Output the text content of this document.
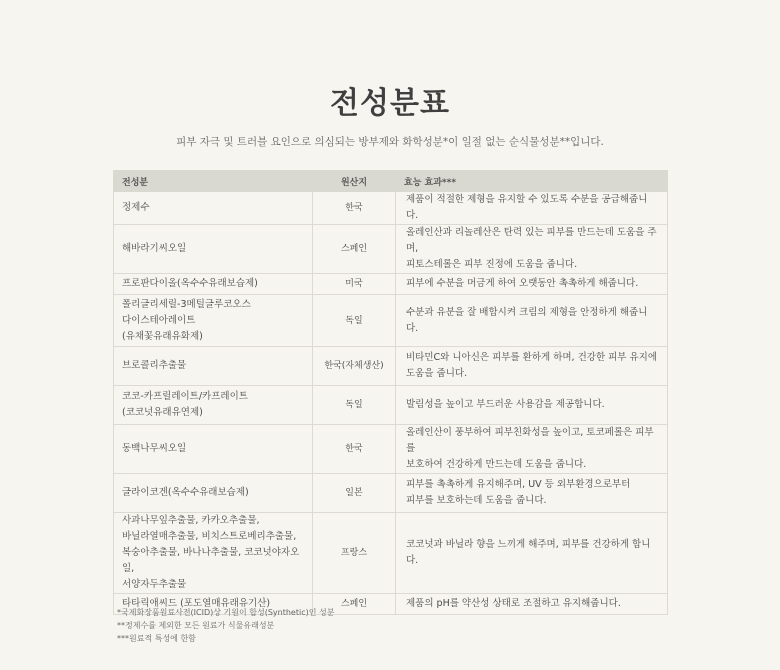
전성분표
피부 자극 및 트러블 요인으로 의심되는 방부제와 화학성분*이 일절 없는 순식물성분**입니다.
전성분	원산지	효능 효과***

정제수	한국	제품이 적절한 제형을 유지할 수 있도록 수분을 공급해줍니다.

해바라기씨오일	스페인	올레인산과 리놀레산은 탄력 있는 피부를 만드는데 도움을 주며,
피토스테롤은 피부 진정에 도움을 줍니다.

프로판다이올(옥수수유래보습제)	미국	피부에 수분을 머금게 하여 오랫동안 촉촉하게 해줍니다.

폴리글리세릴-3메틸글루코오스
다이스테아레이트
(유채꽃유래유화제)	독일	수분과 유분을 잘 배합시켜 크림의 제형을 안정하게 해줍니다.

브로콜리추출물	한국(자체생산)	비타민C와 니아신은 피부를 환하게 하며, 건강한 피부 유지에
도움을 줍니다.

코코-카프릴레이트/카프레이트
(코코넛유래유연제)	독일	발림성을 높이고 부드러운 사용감을 제공합니다.

동백나무씨오일	한국	올레인산이 풍부하여 피부친화성을 높이고, 토코페롤은 피부를
보호하여 건강하게 만드는데 도움을 줍니다.

글라이코겐(옥수수유래보습제)	일본	피부를 촉촉하게 유지해주며, UV 등 외부환경으로부터
피부를 보호하는데 도움을 줍니다.

사과나무잎추출물, 카카오추출물,
바닐라열매추출물, 비치스트로베리추출물,
복숭아추출물, 바나나추출물, 코코넛야자오일,
서양자두추출물	프랑스	코코넛과 바닐라 향을 느끼게 해주며, 피부를 건강하게 합니다.

타타릭애씨드 (포도열매유래유기산)	스페인	제품의 pH를 약산성 상태로 조절하고 유지해줍니다.
*국제화장품원료사전(ICID)상 기원이 합성(Synthetic)인 성분
**정제수를 제외한 모든 원료가 식물유래성분
***원료적 특성에 한함
